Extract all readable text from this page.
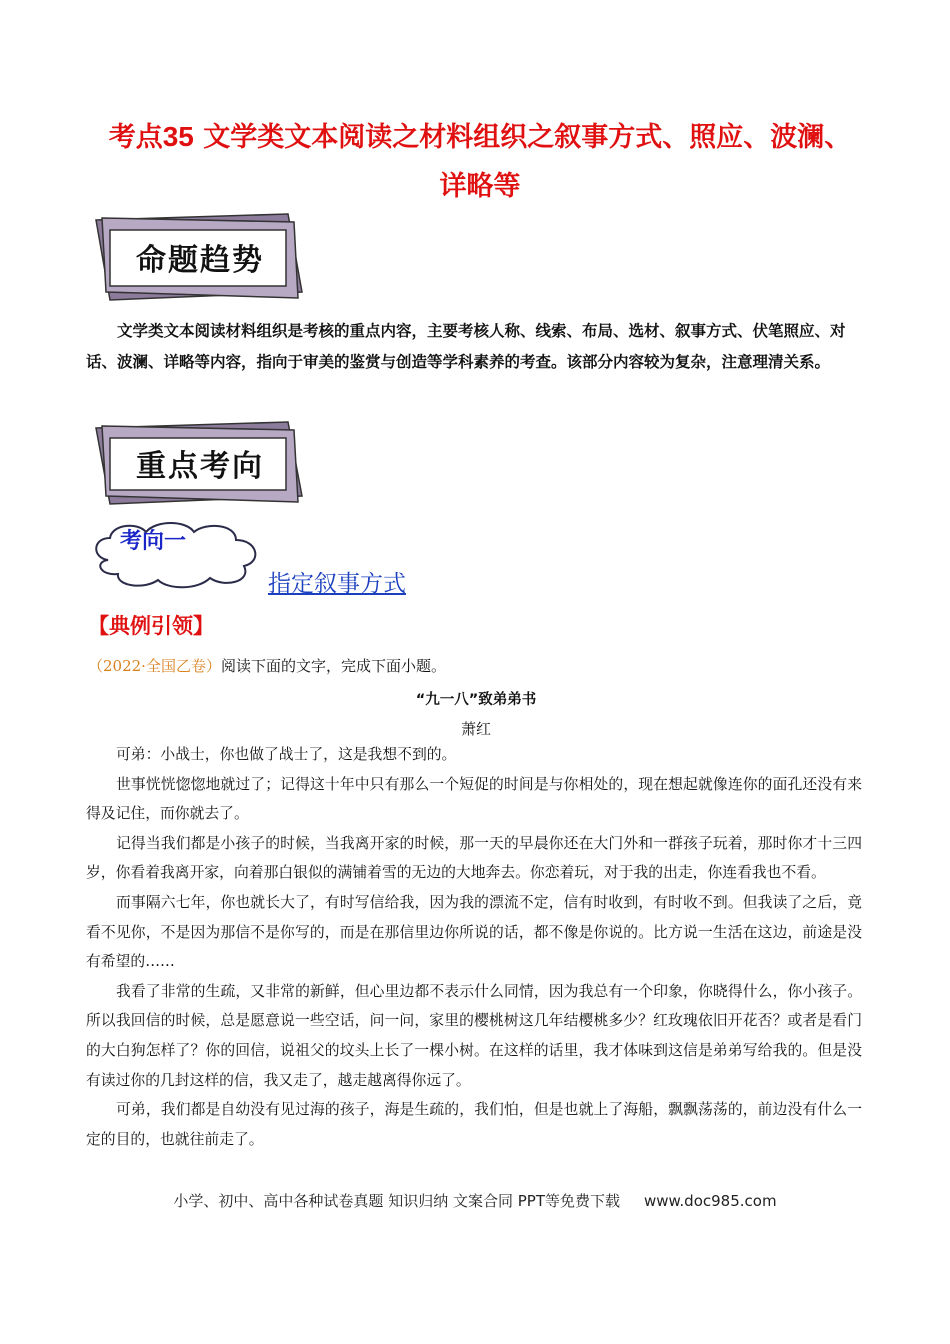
考点35 文学类文本阅读之材料组织之叙事方式、照应、波澜、
详略等
命题趋势

文学类文本阅读材料组织是考核的重点内容，主要考核人称、线索、布局、选材、叙事方式、伏笔照应、对话、波澜、详略等内容，指向于审美的鉴赏与创造等学科素养的考查。该部分内容较为复杂，注意理清关系。

重点考向
考向一
指定叙事方式
【典例引领】
（2022·全国乙卷）阅读下面的文字，完成下面小题。
“九一八”致弟弟书
萧红

可弟：小战士，你也做了战士了，这是我想不到的。

世事恍恍惚惚地就过了；记得这十年中只有那么一个短促的时间是与你相处的，现在想起就像连你的面孔还没有来得及记住，而你就去了。

记得当我们都是小孩子的时候，当我离开家的时候，那一天的早晨你还在大门外和一群孩子玩着，那时你才十三四岁，你看着我离开家，向着那白银似的满铺着雪的无边的大地奔去。你恋着玩，对于我的出走，你连看我也不看。

而事隔六七年，你也就长大了，有时写信给我，因为我的漂流不定，信有时收到，有时收不到。但我读了之后，竟看不见你，不是因为那信不是你写的，而是在那信里边你所说的话，都不像是你说的。比方说一生活在这边，前途是没有希望的……

我看了非常的生疏，又非常的新鲜，但心里边都不表示什么同情，因为我总有一个印象，你晓得什么，你小孩子。所以我回信的时候，总是愿意说一些空话，问一问，家里的樱桃树这几年结樱桃多少？红玫瑰依旧开花否？或者是看门的大白狗怎样了？你的回信，说祖父的坟头上长了一棵小树。在这样的话里，我才体味到这信是弟弟写给我的。但是没有读过你的几封这样的信，我又走了，越走越离得你远了。

可弟，我们都是自幼没有见过海的孩子，海是生疏的，我们怕，但是也就上了海船，飘飘荡荡的，前边没有什么一定的目的，也就往前走了。

小学、初中、高中各种试卷真题 知识归纳 文案合同 PPT等免费下载 www.doc985.com
